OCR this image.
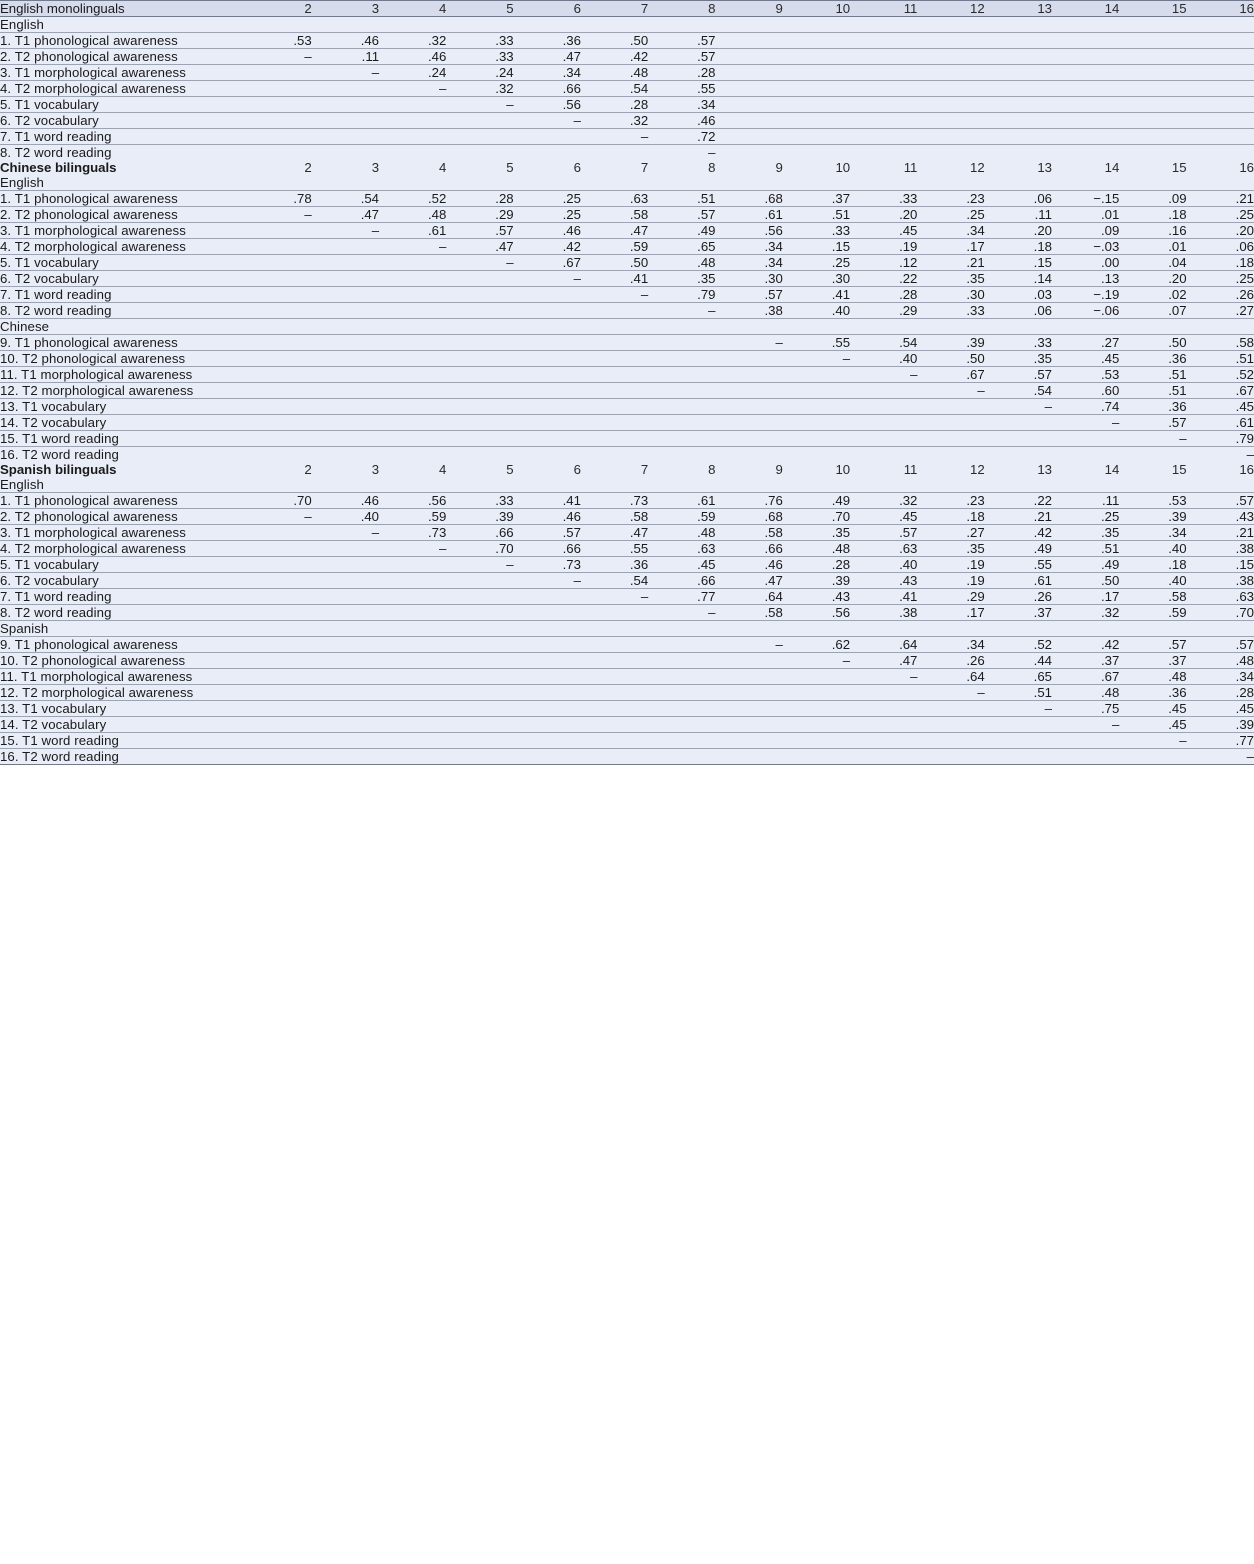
English monolinguals	2	3	4	5	6	7	8	9	10	11	12	13	14	15	16
English															
1. T1 phonological awareness	.53	.46	.32	.33	.36	.50	.57								
2. T2 phonological awareness	–	.11	.46	.33	.47	.42	.57								
3. T1 morphological awareness		–	.24	.24	.34	.48	.28								
4. T2 morphological awareness			–	.32	.66	.54	.55								
5. T1 vocabulary				–	.56	.28	.34								
6. T2 vocabulary					–	.32	.46								
7. T1 word reading						–	.72								
8. T2 word reading							–								
Chinese bilinguals	2	3	4	5	6	7	8	9	10	11	12	13	14	15	16
English															
1. T1 phonological awareness	.78	.54	.52	.28	.25	.63	.51	.68	.37	.33	.23	.06	−.15	.09	.21
2. T2 phonological awareness	–	.47	.48	.29	.25	.58	.57	.61	.51	.20	.25	.11	.01	.18	.25
3. T1 morphological awareness		–	.61	.57	.46	.47	.49	.56	.33	.45	.34	.20	.09	.16	.20
4. T2 morphological awareness			–	.47	.42	.59	.65	.34	.15	.19	.17	.18	−.03	.01	.06
5. T1 vocabulary				–	.67	.50	.48	.34	.25	.12	.21	.15	.00	.04	.18
6. T2 vocabulary					–	.41	.35	.30	.30	.22	.35	.14	.13	.20	.25
7. T1 word reading						–	.79	.57	.41	.28	.30	.03	−.19	.02	.26
8. T2 word reading							–	.38	.40	.29	.33	.06	−.06	.07	.27
Chinese															
9. T1 phonological awareness								–	.55	.54	.39	.33	.27	.50	.58
10. T2 phonological awareness									–	.40	.50	.35	.45	.36	.51
11. T1 morphological awareness										–	.67	.57	.53	.51	.52
12. T2 morphological awareness											–	.54	.60	.51	.67
13. T1 vocabulary												–	.74	.36	.45
14. T2 vocabulary													–	.57	.61
15. T1 word reading														–	.79
16. T2 word reading															–
Spanish bilinguals	2	3	4	5	6	7	8	9	10	11	12	13	14	15	16
English															
1. T1 phonological awareness	.70	.46	.56	.33	.41	.73	.61	.76	.49	.32	.23	.22	.11	.53	.57
2. T2 phonological awareness	–	.40	.59	.39	.46	.58	.59	.68	.70	.45	.18	.21	.25	.39	.43
3. T1 morphological awareness		–	.73	.66	.57	.47	.48	.58	.35	.57	.27	.42	.35	.34	.21
4. T2 morphological awareness			–	.70	.66	.55	.63	.66	.48	.63	.35	.49	.51	.40	.38
5. T1 vocabulary				–	.73	.36	.45	.46	.28	.40	.19	.55	.49	.18	.15
6. T2 vocabulary					–	.54	.66	.47	.39	.43	.19	.61	.50	.40	.38
7. T1 word reading						–	.77	.64	.43	.41	.29	.26	.17	.58	.63
8. T2 word reading							–	.58	.56	.38	.17	.37	.32	.59	.70
Spanish															
9. T1 phonological awareness								–	.62	.64	.34	.52	.42	.57	.57
10. T2 phonological awareness									–	.47	.26	.44	.37	.37	.48
11. T1 morphological awareness										–	.64	.65	.67	.48	.34
12. T2 morphological awareness											–	.51	.48	.36	.28
13. T1 vocabulary												–	.75	.45	.45
14. T2 vocabulary													–	.45	.39
15. T1 word reading														–	.77
16. T2 word reading															–
